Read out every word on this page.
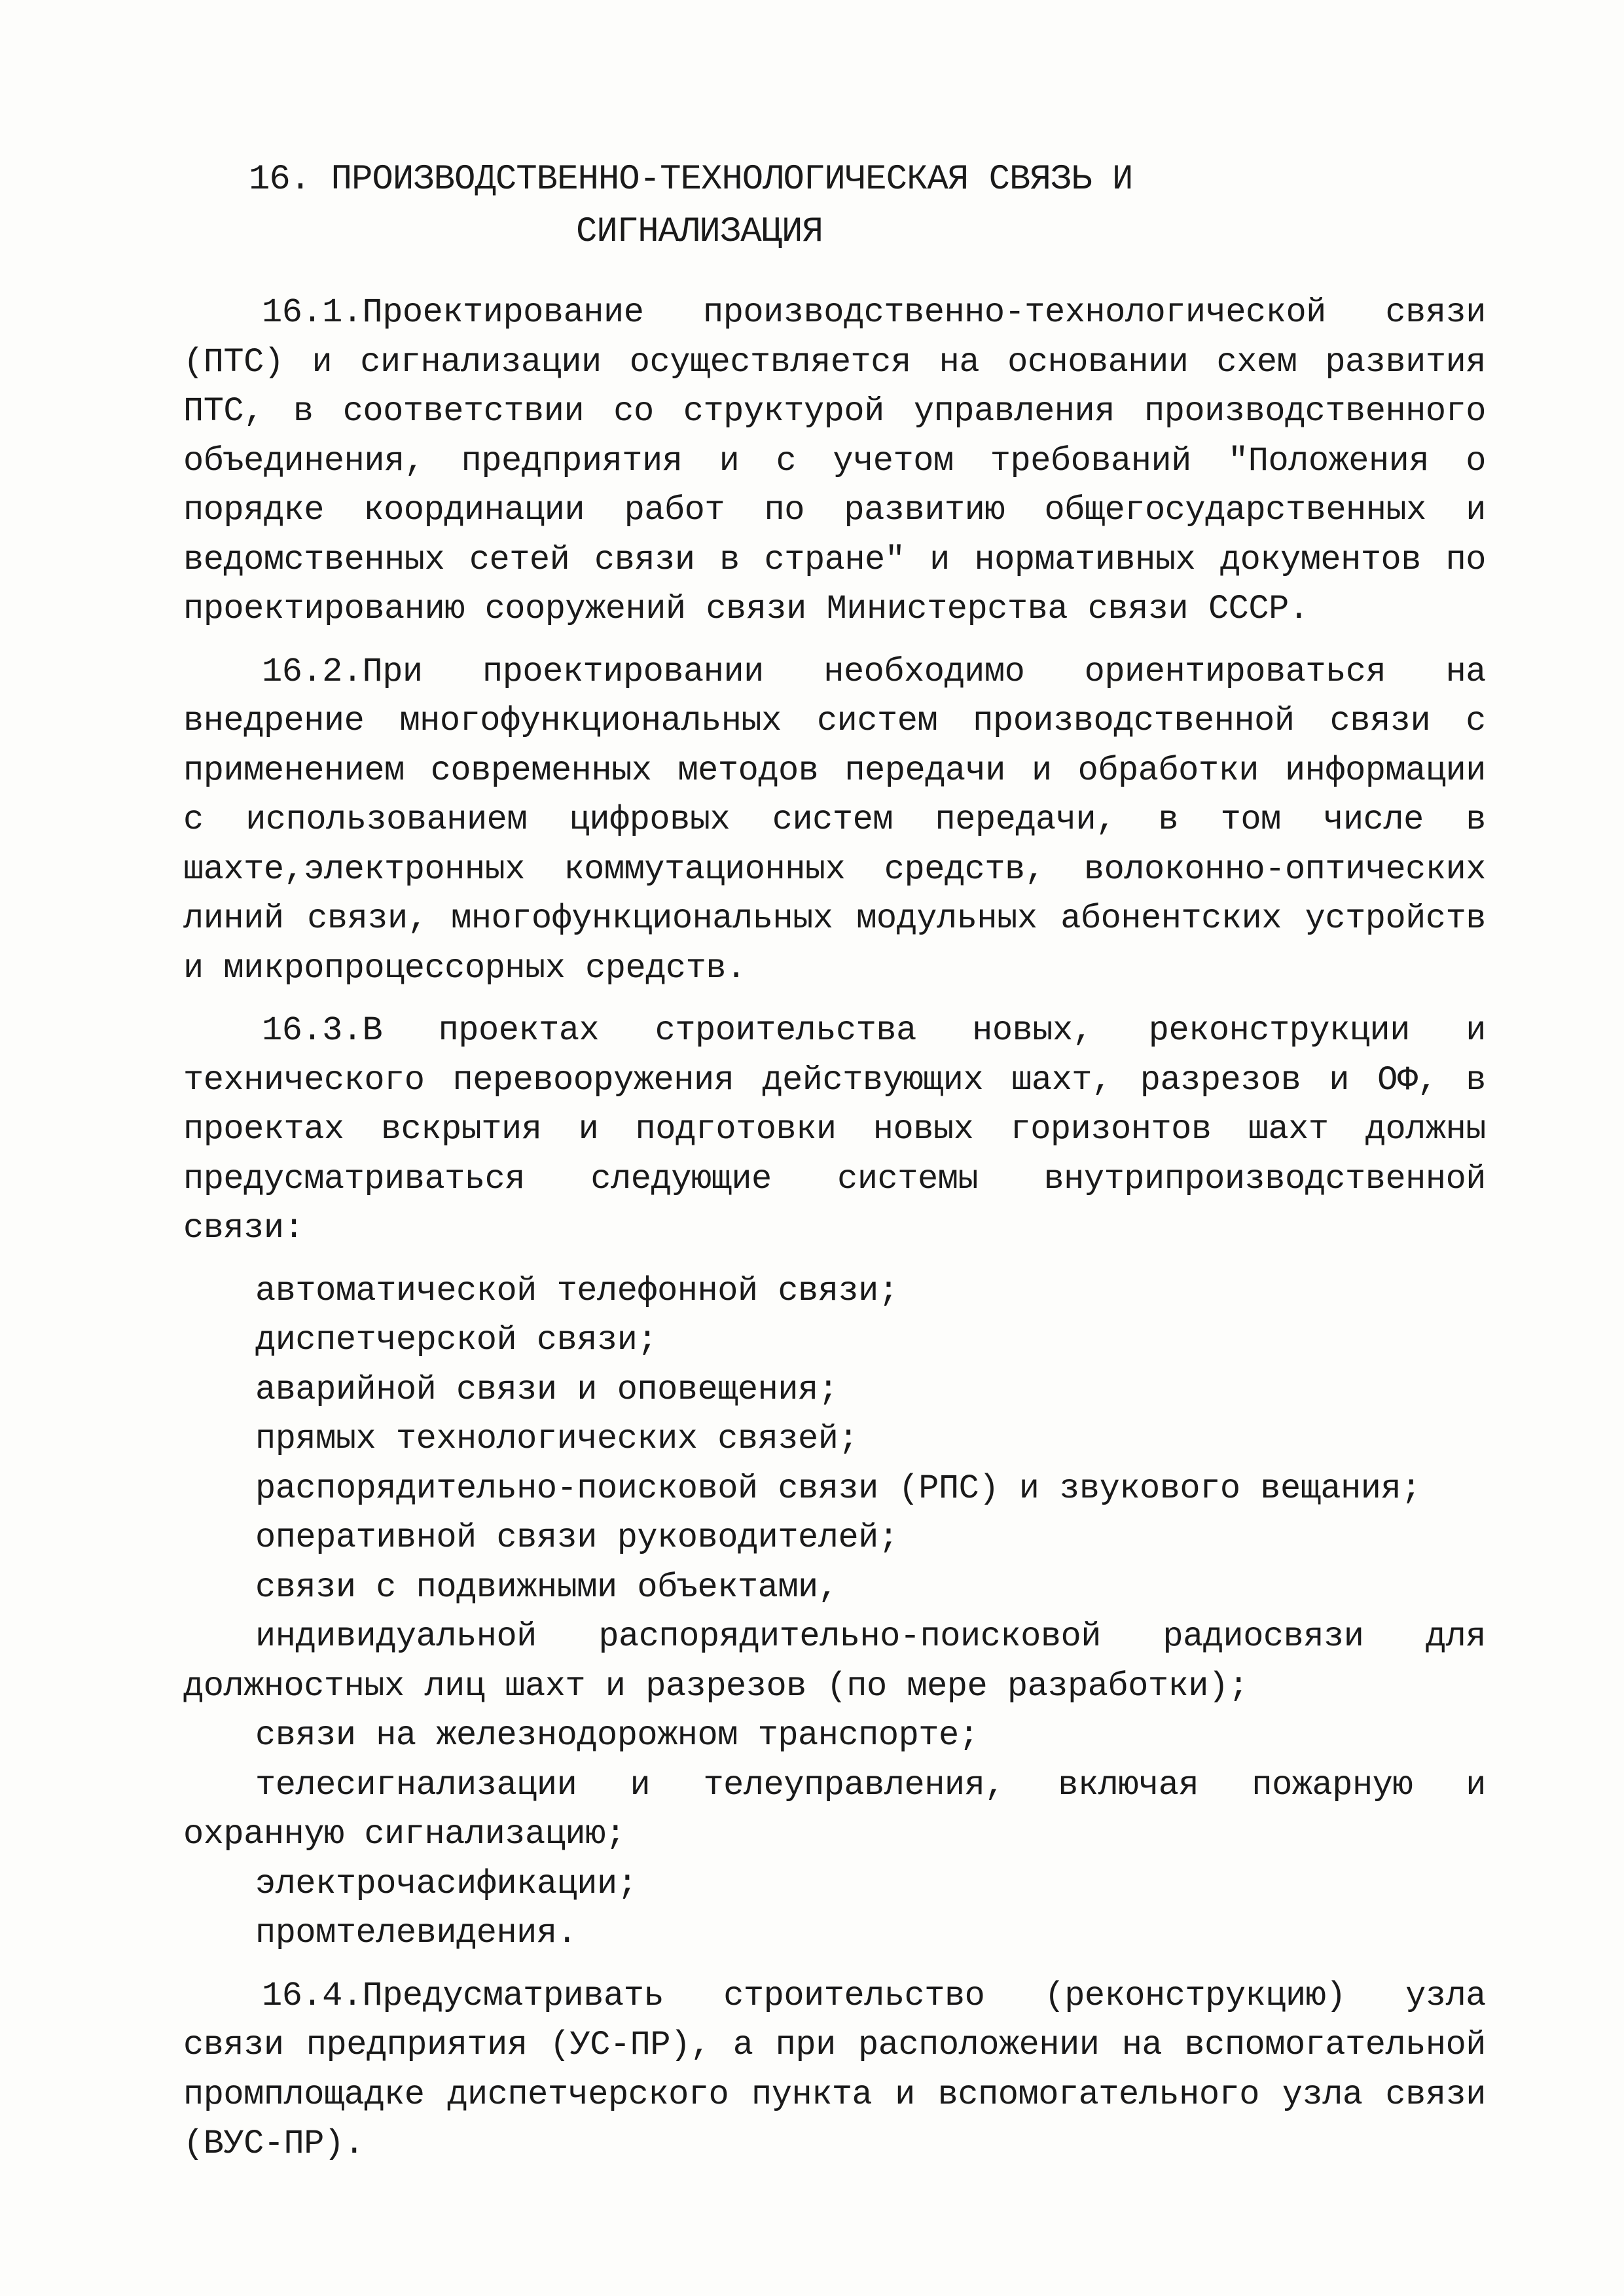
16. ПРОИЗВОДСТВЕННО-ТЕХНОЛОГИЧЕСКАЯ СВЯЗЬ И
СИГНАЛИЗАЦИЯ

16.1.Проектирование производственно-технологической связи (ПТС) и сигнализации осуществляется на основании схем развития ПТС, в соответствии со структурой управления производственного объединения, предприятия и с учетом требований "Положения о порядке координации работ по развитию общегосударственных и ведомственных сетей связи в стране" и нормативных документов по проектированию сооружений связи Министерства связи СССР.

16.2.При проектировании необходимо ориентироваться на внедрение многофункциональных систем производственной связи с применением современных методов передачи и обработки информации с использованием цифровых систем передачи, в том числе в шахте,электронных коммутационных средств, волоконно-оптических линий связи, многофункциональных модульных абонентских устройств и микропроцессорных средств.

16.3.В проектах строительства новых, реконструкции и технического перевооружения действующих шахт, разрезов и ОФ, в проектах вскрытия и подготовки новых горизонтов шахт должны предусматриваться следующие системы внутрипроизводственной связи:

автоматической телефонной связи;
диспетчерской связи;
аварийной связи и оповещения;
прямых технологических связей;
распорядительно-поисковой связи (РПС) и звукового вещания;
оперативной связи руководителей;
связи с подвижными объектами,
индивидуальной распорядительно-поисковой радиосвязи для должностных лиц шахт и разрезов (по мере разработки);
связи на железнодорожном транспорте;
телесигнализации и телеуправления, включая пожарную и охранную сигнализацию;
электрочасификации;
промтелевидения.

16.4.Предусматривать строительство (реконструкцию) узла связи предприятия (УС-ПР), а при расположении на вспомогательной промплощадке диспетчерского пункта и вспомогательного узла связи (ВУС-ПР).
